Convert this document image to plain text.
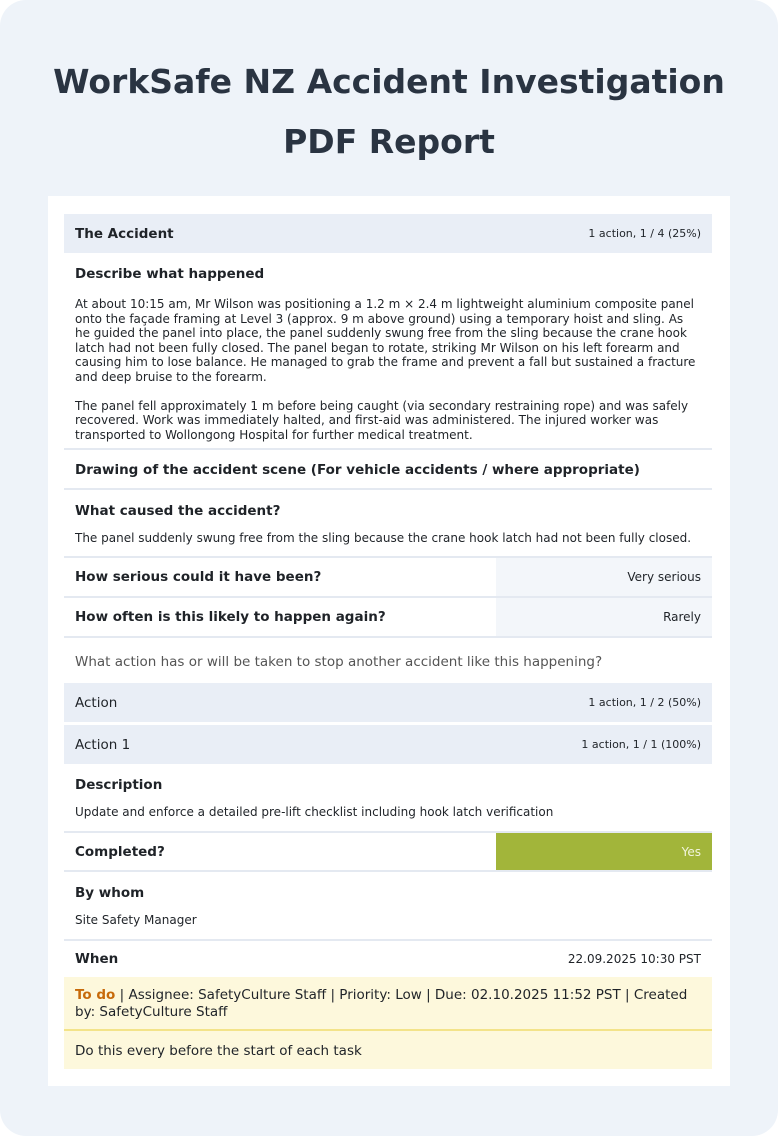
WorkSafe NZ Accident Investigation
PDF Report
The Accident	1 action, 1 / 4 (25%)
Describe what happened
At about 10:15 am, Mr Wilson was positioning a 1.2 m × 2.4 m lightweight aluminium composite panel onto the façade framing at Level 3 (approx. 9 m above ground) using a temporary hoist and sling. As he guided the panel into place, the panel suddenly swung free from the sling because the crane hook latch had not been fully closed. The panel began to rotate, striking Mr Wilson on his left forearm and causing him to lose balance. He managed to grab the frame and prevent a fall but sustained a fracture and deep bruise to the forearm.
The panel fell approximately 1 m before being caught (via secondary restraining rope) and was safely recovered. Work was immediately halted, and first-aid was administered. The injured worker was transported to Wollongong Hospital for further medical treatment.
Drawing of the accident scene (For vehicle accidents / where appropriate)
What caused the accident?
The panel suddenly swung free from the sling because the crane hook latch had not been fully closed.
How serious could it have been?	Very serious
How often is this likely to happen again?	Rarely
What action has or will be taken to stop another accident like this happening?
Action	1 action, 1 / 2 (50%)
Action 1	1 action, 1 / 1 (100%)
Description
Update and enforce a detailed pre-lift checklist including hook latch verification
Completed?	Yes
By whom
Site Safety Manager
When	22.09.2025 10:30 PST
To do | Assignee: SafetyCulture Staff | Priority: Low | Due: 02.10.2025 11:52 PST | Created by: SafetyCulture Staff
Do this every before the start of each task
